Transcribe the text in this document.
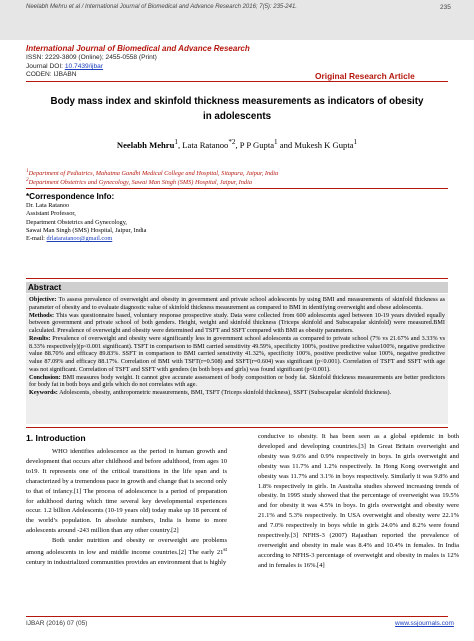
Neelabh Mehru et al / International Journal of Biomedical and Advance Research 2016; 7(5): 235-241.	235
International Journal of Biomedical and Advance Research
ISSN: 2229-3809 (Online); 2455-0558 (Print)
Journal DOI: 10.7439/ijbar
CODEN: IJBABN	Original Research Article
Body mass index and skinfold thickness measurements as indicators of obesity
in adolescents
Neelabh Mehru$^1$, Lata Ratanoo$^{*2}$, P P Gupta$^1$ and Mukesh K Gupta$^1$
$^1$Department of Pediatrics, Mahatma Gandhi Medical College and Hospital, Sitapura, Jaipur, India
$^2$Department Obstetrics and Gynecology, Sawai Man Singh (SMS) Hospital, Jaipur, India
*Correspondence Info:
Dr. Lata Ratanoo
Assistant Professor,
Department Obstetrics and Gynecology,
Sawai Man Singh (SMS) Hospital, Jaipur, India
E-mail: drlataratanoo@gmail.com
Abstract

Objective: To assess prevalence of overweight and obesity in government and private school adolescents by using BMI and measurements of skinfold thickness as parameter of obesity and to evaluate diagnostic value of skinfold thickness measurement as compared to BMI in identifying overweight and obese adolescents.

Methods: This was questionnaire based, voluntary response prospective study. Data were collected from 600 adolescents aged between 10-19 years divided equally between government and private school of both genders. Height, weight and skinfold thickness (Triceps skinfold and Subscapular skinfold) were measured.BMI calculated. Prevalence of overweight and obesity were determined and TSFT and SSFT compared with BMI as obesity parameters.

Results: Prevalence of overweight and obesity were significantly less in government school adolescents as compared to private school (7% vs 21.67% and 3.33% vs 8.33% respectively)(p<0.001 significant). TSFT in comparison to BMI carried sensitivity 49.59%, specificity 100%, positive predictive value100%, negative predictive value 88.70% and efficacy 89.83%. SSFT in comparison to BMI carried sensitivity 41.32%, specificity 100%, positive predictive value 100%, negative predictive value 87.09% and efficacy 88.17%. Correlation of BMI with TSFT(r=0.508) and SSFT(r=0.604) was significant (p<0.001). Correlation of TSFT and SSFT with age was not significant. Correlation of TSFT and SSFT with genders (in both boys and girls) was found significant (p<0.001).

Conclusion: BMI measures body weight. It cannot give accurate assessment of body composition or body fat. Skinfold thickness measurements are better predictors for body fat in both boys and girls which do not correlates with age.

Keywords: Adolescents, obesity, anthropometric measurements, BMI, TSFT (Triceps skinfold thickness), SSFT (Subscapular skinfold thickness).

1. Introduction

WHO identifies adolescence as the period in human growth and development that occurs after childhood and before adulthood, from ages 10 to19. It represents one of the critical transitions in the life span and is characterized by a tremendous pace in growth and change that is second only to that of infancy.[1] The process of adolescence is a period of preparation for adulthood during which time several key developmental experiences occur. 1.2 billion Adolescents (10-19 years old) today make up 18 percent of the world’s population. In absolute numbers, India is home to more adolescents around -243 million than any other country.[2]

Both under nutrition and obesity or overweight are problems among adolescents in low and middle income countries.[2] The early 21st century in industrialized communities provides an environment that is highly

conducive to obesity. It has been seen as a global epidemic in both developed and developing countries.[3] In Great Britain overweight and obesity was 9.6% and 0.9% respectively in boys. In girls overweight and obesity was 11.7% and 1.2% respectively. In Hong Kong overweight and obesity was 11.7% and 3.1% in boys respectively. Similarly it was 9.8% and 1.8% respectively in girls. In Australia studies showed increasing trends of obesity. In 1995 study showed that the percentage of overweight was 19.5% and for obesity it was 4.5% in boys. In girls overweight and obesity were 21.1% and 5.3% respectively. In USA overweight and obesity were 22.1% and 7.0% respectively in boys while in girls 24.0% and 8.2% were found respectively.[3] NFHS-3 (2007) Rajasthan reported the prevalence of overweight and obesity in male was 8.4% and 10.4% in females. In India according to NFHS-3 percentage of overweight and obesity in males is 12% and in females is 16%.[4]

IJBAR (2016) 07 (05)	www.ssjournals.com
